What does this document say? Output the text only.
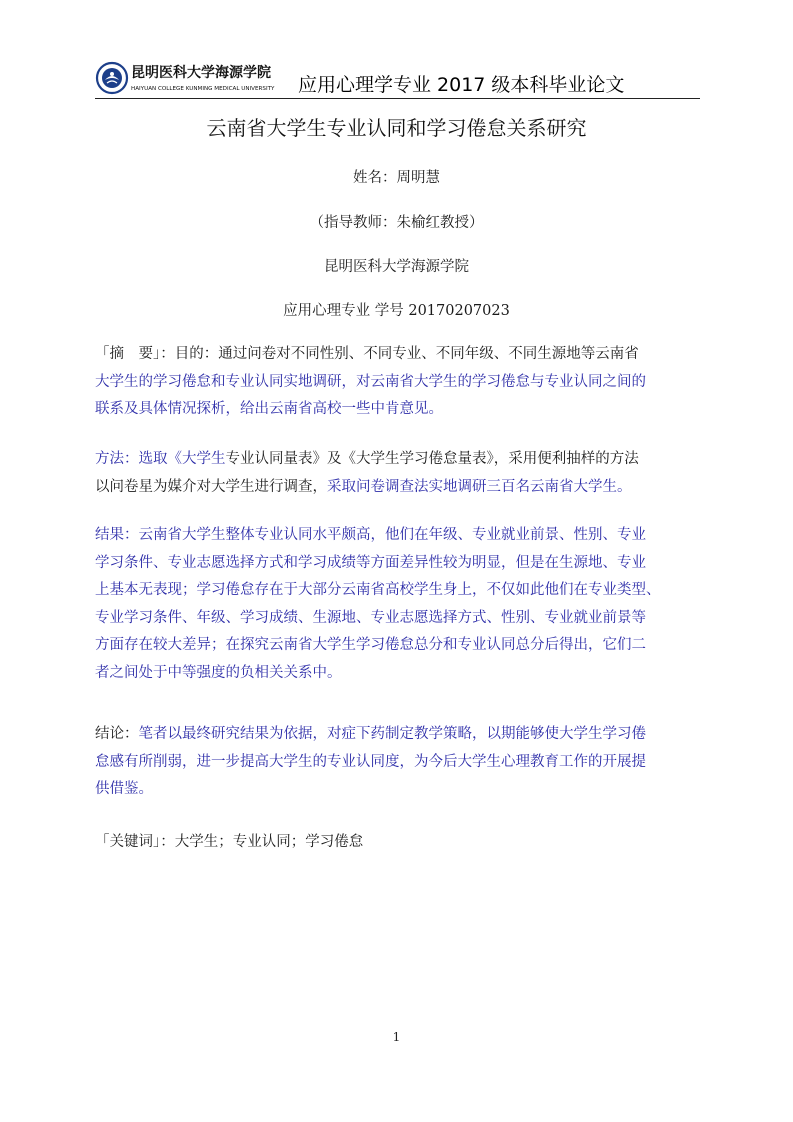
昆明医科大学海源学院
HAIYUAN COLLEGE KUNMING MEDICAL UNIVERSITY 应用心理学专业 2017 级本科毕业论文
云南省大学生专业认同和学习倦怠关系研究
姓名：周明慧
（指导教师：朱榆红教授）
昆明医科大学海源学院
应用心理专业 学号 20170207023
「摘　要」：目的：通过问卷对不同性别、不同专业、不同年级、不同生源地等云南省
大学生的学习倦怠和专业认同实地调研，对云南省大学生的学习倦怠与专业认同之间的
联系及具体情况探析，给出云南省高校一些中肯意见。
方法：选取《大学生专业认同量表》及《大学生学习倦怠量表》，采用便利抽样的方法
以问卷星为媒介对大学生进行调查，采取问卷调查法实地调研三百名云南省大学生。
结果：云南省大学生整体专业认同水平颇高，他们在年级、专业就业前景、性别、专业
学习条件、专业志愿选择方式和学习成绩等方面差异性较为明显，但是在生源地、专业
上基本无表现；学习倦怠存在于大部分云南省高校学生身上，不仅如此他们在专业类型、
专业学习条件、年级、学习成绩、生源地、专业志愿选择方式、性别、专业就业前景等
方面存在较大差异；在探究云南省大学生学习倦怠总分和专业认同总分后得出，它们二
者之间处于中等强度的负相关关系中。
结论：笔者以最终研究结果为依据，对症下药制定教学策略，以期能够使大学生学习倦
怠感有所削弱，进一步提高大学生的专业认同度，为今后大学生心理教育工作的开展提
供借鉴。
「关键词」：大学生；专业认同；学习倦怠
1
